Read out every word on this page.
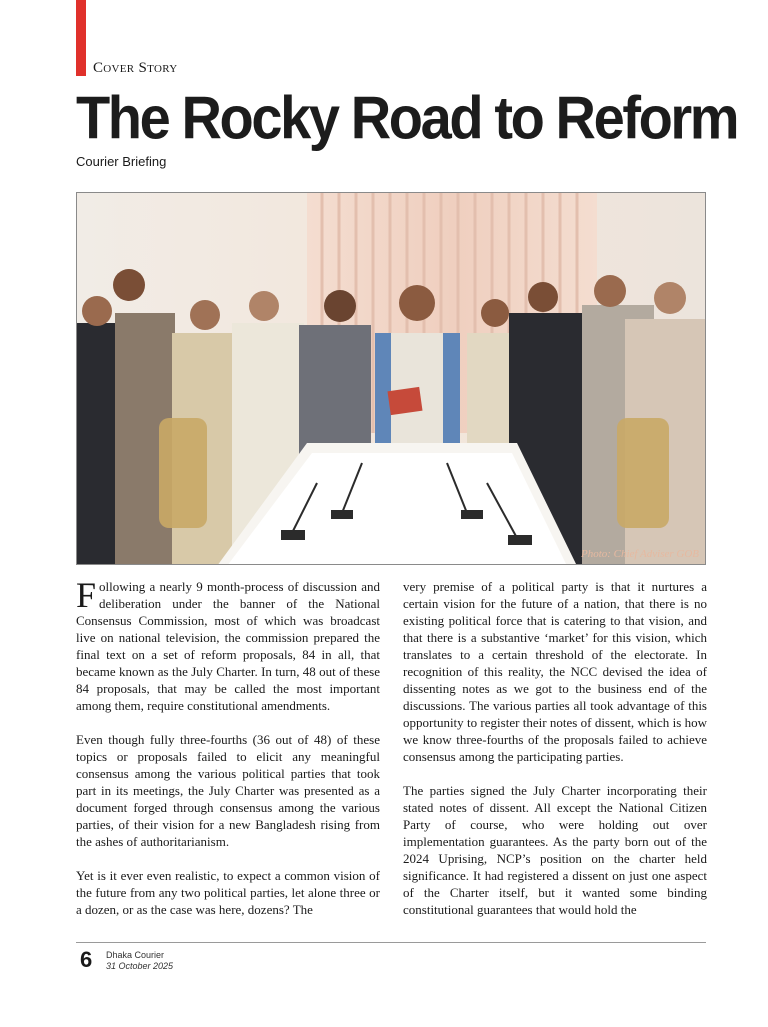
Cover Story
The Rocky Road to Reform
Courier Briefing
Photo: Chief Adviser GOB

Following a nearly 9 month-process of discussion and deliberation under the banner of the National Consensus Commission, most of which was broadcast live on national television, the commission prepared the final text on a set of reform proposals, 84 in all, that became known as the July Charter. In turn, 48 out of these 84 proposals, that may be called the most important among them, require constitutional amendments.

Even though fully three-fourths (36 out of 48) of these topics or proposals failed to elicit any meaningful consensus among the various political parties that took part in its meetings, the July Charter was presented as a document forged through consensus among the various parties, of their vision for a new Bangladesh rising from the ashes of authoritarianism.

Yet is it ever even realistic, to expect a common vision of the future from any two political parties, let alone three or a dozen, or as the case was here, dozens? The

very premise of a political party is that it nurtures a certain vision for the future of a nation, that there is no existing political force that is catering to that vision, and that there is a substantive ‘market’ for this vision, which translates to a certain threshold of the electorate. In recognition of this reality, the NCC devised the idea of dissenting notes as we got to the business end of the discussions. The various parties all took advantage of this opportunity to register their notes of dissent, which is how we know three-fourths of the proposals failed to achieve consensus among the participating parties.

The parties signed the July Charter incorporating their stated notes of dissent. All except the National Citizen Party of course, who were holding out over implementation guarantees. As the party born out of the 2024 Uprising, NCP’s position on the charter held significance. It had registered a dissent on just one aspect of the Charter itself, but it wanted some binding constitutional guarantees that would hold the

6 Dhaka Courier
31 October 2025
